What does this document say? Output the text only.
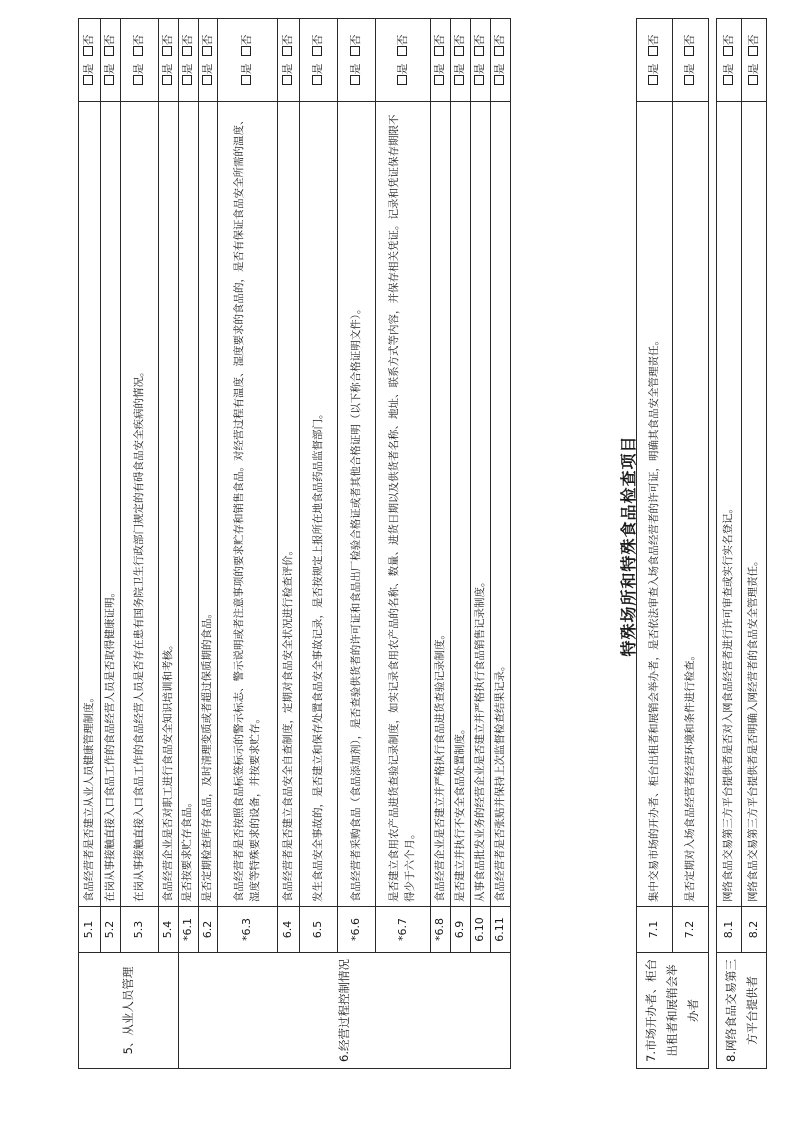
5、从业人员管理	5.1	食品经营者是否建立从业人员健康管理制度。	是  否
	5.2	在岗从事接触直接入口食品工作的食品经营人员是否取得健康证明。	是  否
	5.3	在岗从事接触直接入口食品工作的食品经营人员是否存在患有国务院卫生行政部门规定的有碍食品安全疾病的情况。	是  否
	5.4	食品经营企业是否对职工进行食品安全知识培训和考核。	是  否
6.经营过程控制情况	*6.1	是否按要求贮存食品。	是  否
	6.2	是否定期检查库存食品，及时清理变质或者超过保质期的食品。	是  否
	*6.3	食品经营者是否按照食品标签标示的警示标志、警示说明或者注意事项的要求贮存和销售食品。对经营过程有温度、湿度要求的食品的，是否有保证食品安全所需的温度、湿度等特殊要求的设备，并按要求贮存。	是  否
	6.4	食品经营者是否建立食品安全自查制度，定期对食品安全状况进行检查评价。	是  否
	6.5	发生食品安全事故的，是否建立和保存处置食品安全事故记录，是否按规定上报所在地食品药品监督部门。	是  否
	*6.6	食品经营者采购食品（食品添加剂），是否查验供货者的许可证和食品出厂检验合格证或者其他合格证明（以下称合格证明文件）。	是  否
	*6.7	是否建立食用农产品进货查验记录制度，如实记录食用农产品的名称、数量、进货日期以及供货者名称、地址、联系方式等内容，并保存相关凭证。记录和凭证保存期限不得少于六个月。	是  否
	*6.8	食品经营企业是否建立并严格执行食品进货查验记录制度。	是  否
	6.9	是否建立并执行不安全食品处置制度。	是  否
	6.10	从事食品批发业务的经营企业是否建立并严格执行食品销售记录制度。	是  否
	6.11	食品经营者是否张贴并保持上次监督检查结果记录。	是  否
特殊场所和特殊食品检查项目
7.市场开办者、柜台出租者和展销会举办者	7.1	集中交易市场的开办者、柜台出租者和展销会举办者，是否依法审查入场食品经营者的许可证，明确其食品安全管理责任。	是  否
	7.2	是否定期对入场食品经营者经营环境和条件进行检查。	是  否
8.网络食品交易第三方平台提供者	8.1	网络食品交易第三方平台提供者是否对入网食品经营者进行许可审查或实行实名登记。	是  否
	8.2	网络食品交易第三方平台提供者是否明确入网经营者的食品安全管理责任。	是  否
